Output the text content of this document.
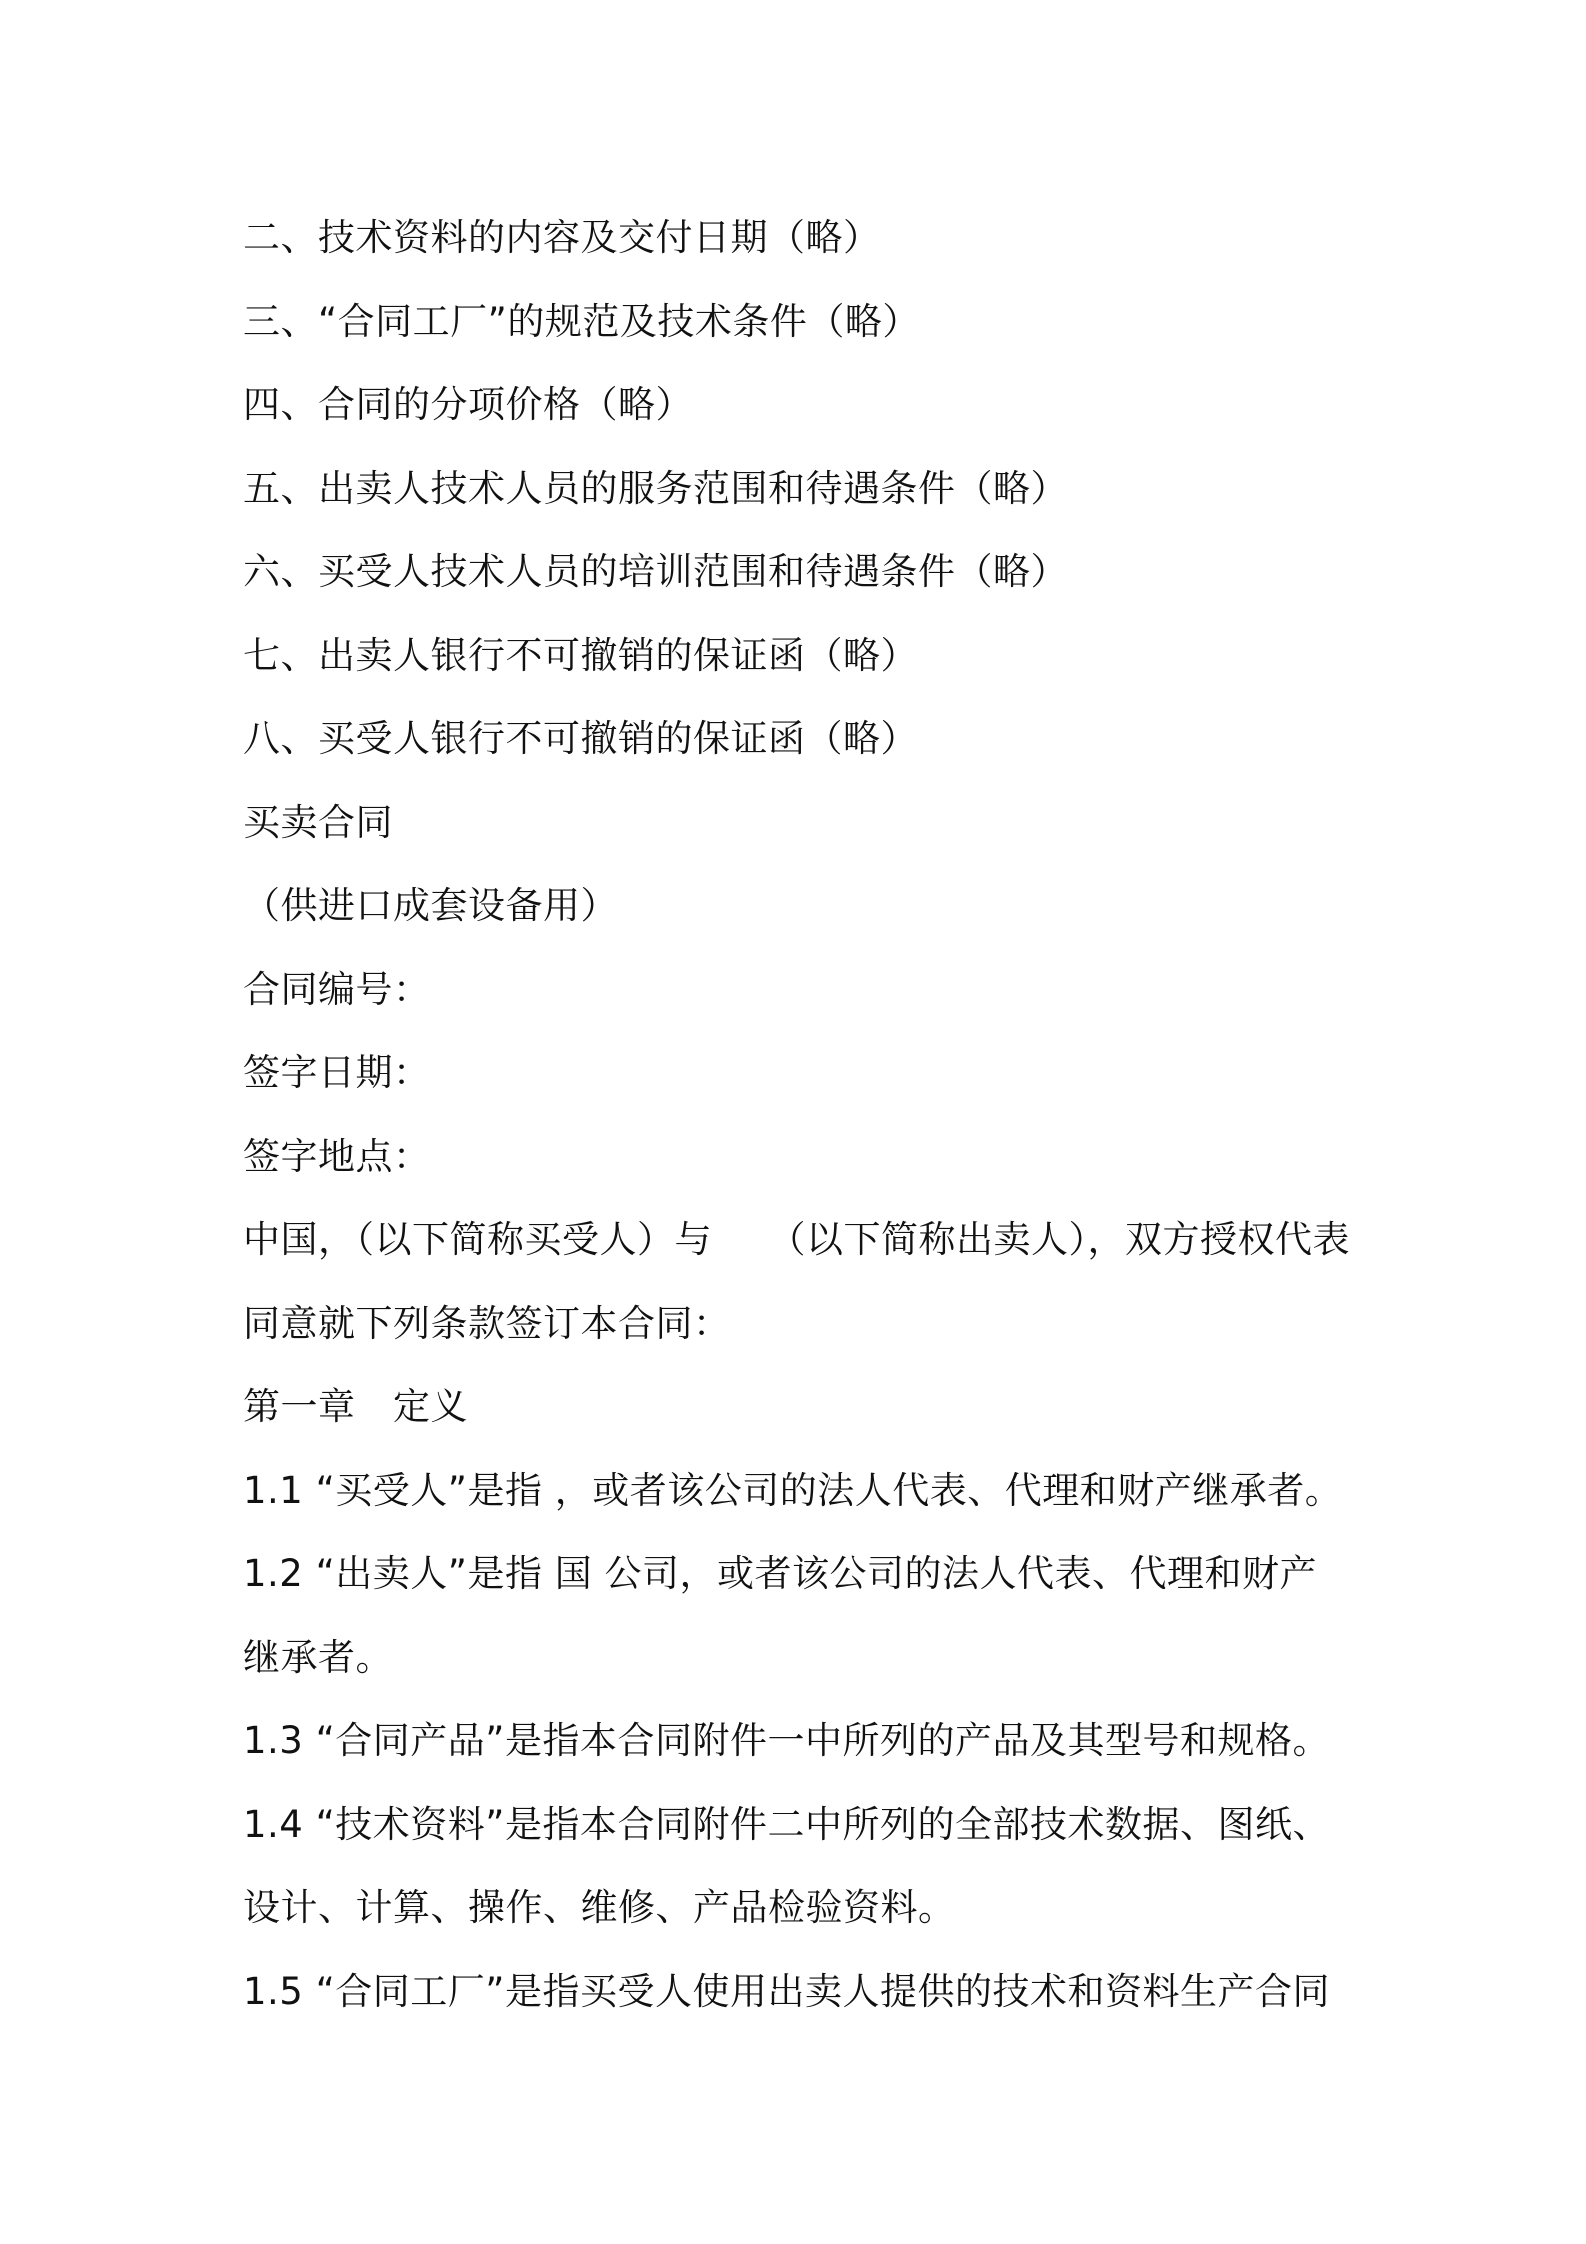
二、技术资料的内容及交付日期（略）
三、“合同工厂”的规范及技术条件（略）
四、合同的分项价格（略）
五、出卖人技术人员的服务范围和待遇条件（略）
六、买受人技术人员的培训范围和待遇条件（略）
七、出卖人银行不可撤销的保证函（略）
八、买受人银行不可撤销的保证函（略）
买卖合同
（供进口成套设备用）
合同编号：
签字日期：
签字地点：
中国，（以下简称买受人）与　　（以下简称出卖人），双方授权代表
同意就下列条款签订本合同：
第一章　定义
1.1 “买受人”是指 ，或者该公司的法人代表、代理和财产继承者。
1.2 “出卖人”是指 国 公司，或者该公司的法人代表、代理和财产
继承者。
1.3 “合同产品”是指本合同附件一中所列的产品及其型号和规格。
1.4 “技术资料”是指本合同附件二中所列的全部技术数据、图纸、
设计、计算、操作、维修、产品检验资料。
1.5 “合同工厂”是指买受人使用出卖人提供的技术和资料生产合同
